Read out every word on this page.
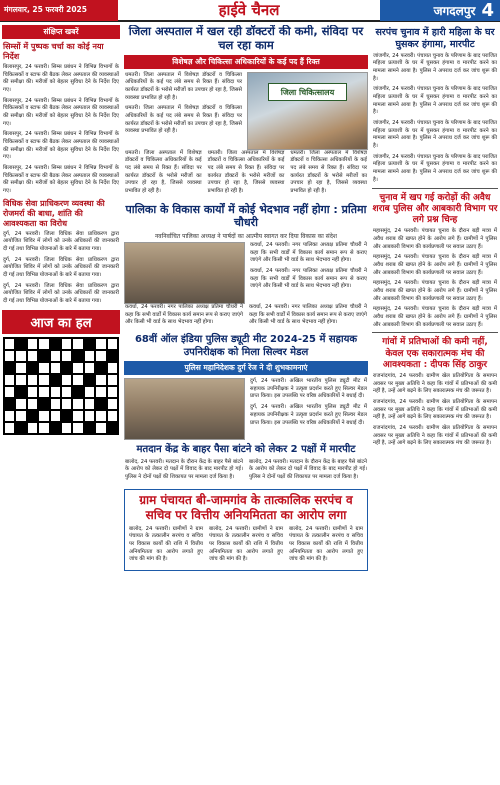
मंगलवार, 25 फरवरी 2025	हाईवे चैनल	जगदलपुर 4
संक्षिप्त खबरें
सिम्सों में पुष्पक चर्चा का कोई नया निर्देश
बिलासपुर, 24 फरवरी। सिम्स प्रबंधन ने विभिन्न विभागों के चिकित्सकों व स्टाफ की बैठक लेकर अस्पताल की व्यवस्थाओं की समीक्षा की। मरीजों को बेहतर सुविधा देने के निर्देश दिए गए।
बिलासपुर, 24 फरवरी। सिम्स प्रबंधन ने विभिन्न विभागों के चिकित्सकों व स्टाफ की बैठक लेकर अस्पताल की व्यवस्थाओं की समीक्षा की। मरीजों को बेहतर सुविधा देने के निर्देश दिए गए।
बिलासपुर, 24 फरवरी। सिम्स प्रबंधन ने विभिन्न विभागों के चिकित्सकों व स्टाफ की बैठक लेकर अस्पताल की व्यवस्थाओं की समीक्षा की। मरीजों को बेहतर सुविधा देने के निर्देश दिए गए।
बिलासपुर, 24 फरवरी। सिम्स प्रबंधन ने विभिन्न विभागों के चिकित्सकों व स्टाफ की बैठक लेकर अस्पताल की व्यवस्थाओं की समीक्षा की। मरीजों को बेहतर सुविधा देने के निर्देश दिए गए।
विधिक सेवा प्राधिकरण व्यवस्था की रोजमर्रा की बाधा, शांति की आवश्यकता का विरोध
दुर्ग, 24 फरवरी। जिला विधिक सेवा प्राधिकरण द्वारा आयोजित शिविर में लोगों को उनके अधिकारों की जानकारी दी गई तथा विभिन्न योजनाओं के बारे में बताया गया।
दुर्ग, 24 फरवरी। जिला विधिक सेवा प्राधिकरण द्वारा आयोजित शिविर में लोगों को उनके अधिकारों की जानकारी दी गई तथा विभिन्न योजनाओं के बारे में बताया गया।
दुर्ग, 24 फरवरी। जिला विधिक सेवा प्राधिकरण द्वारा आयोजित शिविर में लोगों को उनके अधिकारों की जानकारी दी गई तथा विभिन्न योजनाओं के बारे में बताया गया।
आज का हल
जिला अस्पताल में खल रही डॉक्टरों की कमी, संविदा पर चल रहा काम
विशेषज्ञ और चिकित्सा अधिकारियों के कई पद हैं रिक्त
धमतरी। जिला अस्पताल में विशेषज्ञ डॉक्टरों व चिकित्सा अधिकारियों के कई पद लंबे समय से रिक्त हैं। संविदा पर कार्यरत डॉक्टरों के भरोसे मरीजों का उपचार हो रहा है, जिससे व्यवस्था प्रभावित हो रही है।
धमतरी। जिला अस्पताल में विशेषज्ञ डॉक्टरों व चिकित्सा अधिकारियों के कई पद लंबे समय से रिक्त हैं। संविदा पर कार्यरत डॉक्टरों के भरोसे मरीजों का उपचार हो रहा है, जिससे व्यवस्था प्रभावित हो रही है।
जिला चिकित्सालय
धमतरी। जिला अस्पताल में विशेषज्ञ डॉक्टरों व चिकित्सा अधिकारियों के कई पद लंबे समय से रिक्त हैं। संविदा पर कार्यरत डॉक्टरों के भरोसे मरीजों का उपचार हो रहा है, जिससे व्यवस्था प्रभावित हो रही है।
धमतरी। जिला अस्पताल में विशेषज्ञ डॉक्टरों व चिकित्सा अधिकारियों के कई पद लंबे समय से रिक्त हैं। संविदा पर कार्यरत डॉक्टरों के भरोसे मरीजों का उपचार हो रहा है, जिससे व्यवस्था प्रभावित हो रही है।
धमतरी। जिला अस्पताल में विशेषज्ञ डॉक्टरों व चिकित्सा अधिकारियों के कई पद लंबे समय से रिक्त हैं। संविदा पर कार्यरत डॉक्टरों के भरोसे मरीजों का उपचार हो रहा है, जिससे व्यवस्था प्रभावित हो रही है।
पालिका के विकास कार्यों में कोई भेदभाव नहीं होगा : प्रतिमा चौधरी
नवनिर्वाचित पालिका अध्यक्ष ने पार्षदों का आत्मीय स्वागत कर दिया विकास का संदेश
कवर्धा, 24 फरवरी। नगर पालिका अध्यक्ष प्रतिमा चौधरी ने कहा कि सभी वार्डों में विकास कार्य समान रूप से कराए जाएंगे और किसी भी वार्ड के साथ भेदभाव नहीं होगा।
कवर्धा, 24 फरवरी। नगर पालिका अध्यक्ष प्रतिमा चौधरी ने कहा कि सभी वार्डों में विकास कार्य समान रूप से कराए जाएंगे और किसी भी वार्ड के साथ भेदभाव नहीं होगा।
कवर्धा, 24 फरवरी। नगर पालिका अध्यक्ष प्रतिमा चौधरी ने कहा कि सभी वार्डों में विकास कार्य समान रूप से कराए जाएंगे और किसी भी वार्ड के साथ भेदभाव नहीं होगा।
कवर्धा, 24 फरवरी। नगर पालिका अध्यक्ष प्रतिमा चौधरी ने कहा कि सभी वार्डों में विकास कार्य समान रूप से कराए जाएंगे और किसी भी वार्ड के साथ भेदभाव नहीं होगा।
68वीं ऑल इंडिया पुलिस ड्यूटी मीट 2024-25 में सहायक उपनिरीक्षक को मिला सिल्वर मेडल
पुलिस महानिदेशक दुर्ग रेंज ने दी शुभकामनाएं
दुर्ग, 24 फरवरी। अखिल भारतीय पुलिस ड्यूटी मीट में सहायक उपनिरीक्षक ने उत्कृष्ट प्रदर्शन करते हुए सिल्वर मेडल प्राप्त किया। इस उपलब्धि पर वरिष्ठ अधिकारियों ने बधाई दी।
दुर्ग, 24 फरवरी। अखिल भारतीय पुलिस ड्यूटी मीट में सहायक उपनिरीक्षक ने उत्कृष्ट प्रदर्शन करते हुए सिल्वर मेडल प्राप्त किया। इस उपलब्धि पर वरिष्ठ अधिकारियों ने बधाई दी।
मतदान केंद्र के बाहर पैसा बांटने को लेकर 2 पक्षों में मारपीट
बालोद, 24 फरवरी। मतदान के दौरान केंद्र के बाहर पैसे बांटने के आरोप को लेकर दो पक्षों में विवाद के बाद मारपीट हो गई। पुलिस ने दोनों पक्षों की शिकायत पर मामला दर्ज किया है।
बालोद, 24 फरवरी। मतदान के दौरान केंद्र के बाहर पैसे बांटने के आरोप को लेकर दो पक्षों में विवाद के बाद मारपीट हो गई। पुलिस ने दोनों पक्षों की शिकायत पर मामला दर्ज किया है।
ग्राम पंचायत बी-जामगांव के तात्कालिक सरपंच व सचिव पर वित्तीय अनियमितता का आरोप लगा
बालोद, 24 फरवरी। ग्रामीणों ने ग्राम पंचायत के तत्कालीन सरपंच व सचिव पर विकास कार्यों की राशि में वित्तीय अनियमितता का आरोप लगाते हुए जांच की मांग की है।
बालोद, 24 फरवरी। ग्रामीणों ने ग्राम पंचायत के तत्कालीन सरपंच व सचिव पर विकास कार्यों की राशि में वित्तीय अनियमितता का आरोप लगाते हुए जांच की मांग की है।
बालोद, 24 फरवरी। ग्रामीणों ने ग्राम पंचायत के तत्कालीन सरपंच व सचिव पर विकास कार्यों की राशि में वित्तीय अनियमितता का आरोप लगाते हुए जांच की मांग की है।
सरपंच चुनाव में हारी महिला के घर घुसकर हंगामा, मारपीट
जांजगीर, 24 फरवरी। पंचायत चुनाव के परिणाम के बाद पराजित महिला प्रत्याशी के घर में घुसकर हंगामा व मारपीट करने का मामला सामने आया है। पुलिस ने अपराध दर्ज कर जांच शुरू की है।
जांजगीर, 24 फरवरी। पंचायत चुनाव के परिणाम के बाद पराजित महिला प्रत्याशी के घर में घुसकर हंगामा व मारपीट करने का मामला सामने आया है। पुलिस ने अपराध दर्ज कर जांच शुरू की है।
जांजगीर, 24 फरवरी। पंचायत चुनाव के परिणाम के बाद पराजित महिला प्रत्याशी के घर में घुसकर हंगामा व मारपीट करने का मामला सामने आया है। पुलिस ने अपराध दर्ज कर जांच शुरू की है।
जांजगीर, 24 फरवरी। पंचायत चुनाव के परिणाम के बाद पराजित महिला प्रत्याशी के घर में घुसकर हंगामा व मारपीट करने का मामला सामने आया है। पुलिस ने अपराध दर्ज कर जांच शुरू की है।
चुनाव में खप गई करोड़ों की अवैध शराब पुलिस और आबकारी विभाग पर लगे प्रश्न चिन्ह
महासमुंद, 24 फरवरी। पंचायत चुनाव के दौरान बड़ी मात्रा में अवैध शराब की खपत होने के आरोप लगे हैं। ग्रामीणों ने पुलिस और आबकारी विभाग की कार्यप्रणाली पर सवाल उठाए हैं।
महासमुंद, 24 फरवरी। पंचायत चुनाव के दौरान बड़ी मात्रा में अवैध शराब की खपत होने के आरोप लगे हैं। ग्रामीणों ने पुलिस और आबकारी विभाग की कार्यप्रणाली पर सवाल उठाए हैं।
महासमुंद, 24 फरवरी। पंचायत चुनाव के दौरान बड़ी मात्रा में अवैध शराब की खपत होने के आरोप लगे हैं। ग्रामीणों ने पुलिस और आबकारी विभाग की कार्यप्रणाली पर सवाल उठाए हैं।
महासमुंद, 24 फरवरी। पंचायत चुनाव के दौरान बड़ी मात्रा में अवैध शराब की खपत होने के आरोप लगे हैं। ग्रामीणों ने पुलिस और आबकारी विभाग की कार्यप्रणाली पर सवाल उठाए हैं।
गांवों में प्रतिभाओं की कमी नहीं, केवल एक सकारात्मक मंच की आवश्यकता : दीपक सिंह ठाकुर
राजनांदगांव, 24 फरवरी। ग्रामीण खेल प्रतियोगिता के समापन अवसर पर मुख्य अतिथि ने कहा कि गांवों में प्रतिभाओं की कमी नहीं है, उन्हें आगे बढ़ने के लिए सकारात्मक मंच की जरूरत है।
राजनांदगांव, 24 फरवरी। ग्रामीण खेल प्रतियोगिता के समापन अवसर पर मुख्य अतिथि ने कहा कि गांवों में प्रतिभाओं की कमी नहीं है, उन्हें आगे बढ़ने के लिए सकारात्मक मंच की जरूरत है।
राजनांदगांव, 24 फरवरी। ग्रामीण खेल प्रतियोगिता के समापन अवसर पर मुख्य अतिथि ने कहा कि गांवों में प्रतिभाओं की कमी नहीं है, उन्हें आगे बढ़ने के लिए सकारात्मक मंच की जरूरत है।
